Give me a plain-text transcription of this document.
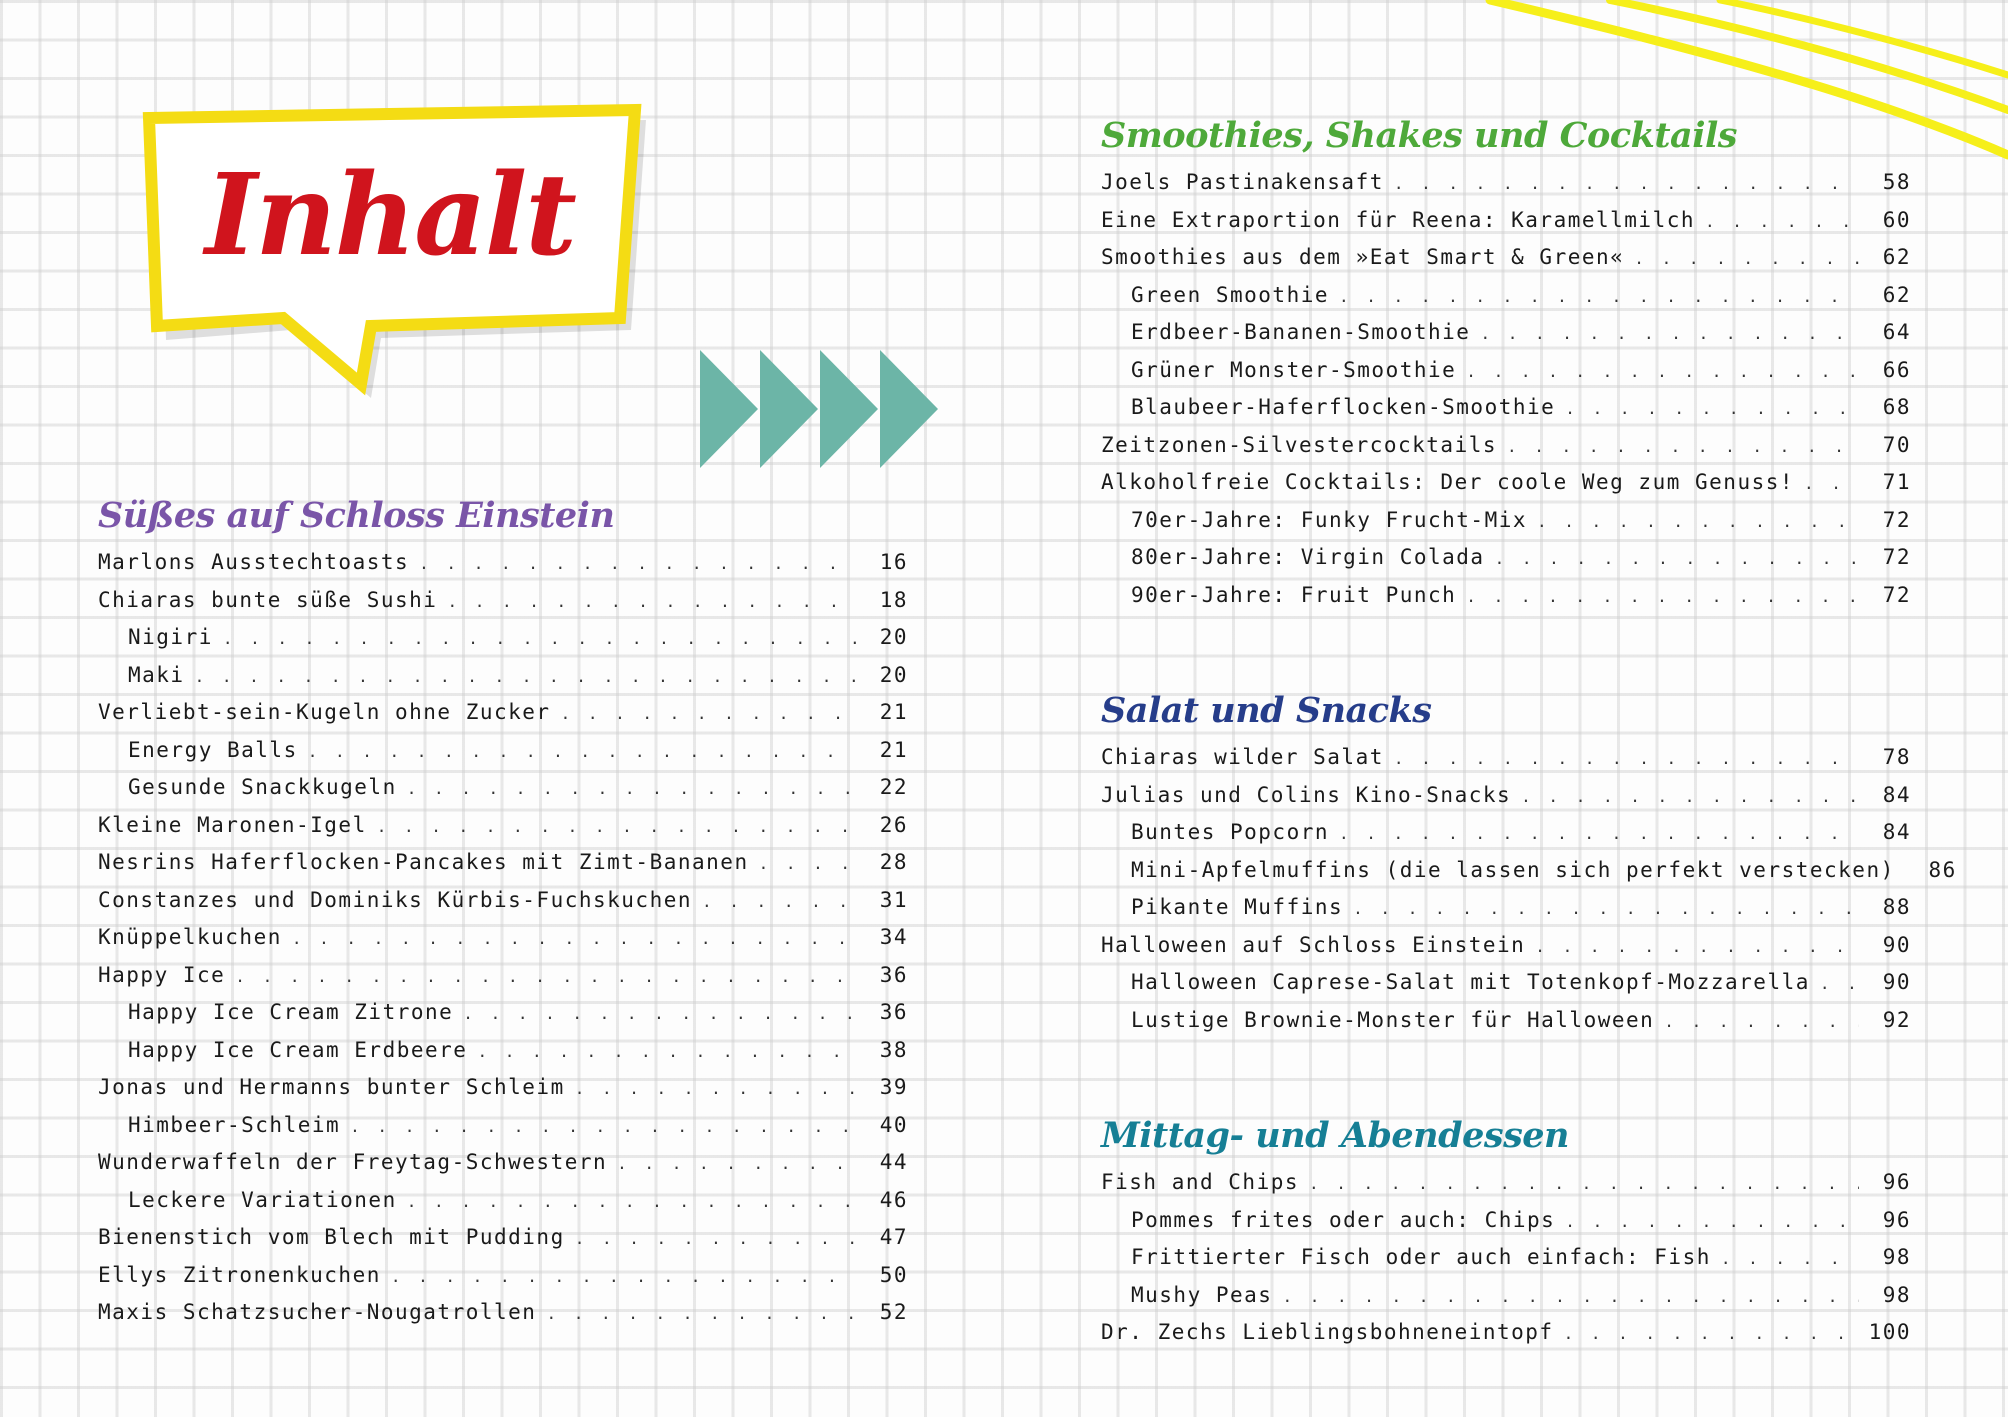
Inhalt
Süßes auf Schloss Einstein
Marlons Ausstechtoasts . . .	16
Chiaras bunte süße Sushi . . .	18
Nigiri . . .	20
Maki . . .	20
Verliebt-sein-Kugeln ohne Zucker . . .	21
Energy Balls . . .	21
Gesunde Snackkugeln . . .	22
Kleine Maronen-Igel . . .	26
Nesrins Haferflocken-Pancakes mit Zimt-Bananen . . .	28
Constanzes und Dominiks Kürbis-Fuchskuchen . . .	31
Knüppelkuchen . . .	34
Happy Ice . . .	36
Happy Ice Cream Zitrone . . .	36
Happy Ice Cream Erdbeere . . .	38
Jonas und Hermanns bunter Schleim . . .	39
Himbeer-Schleim . . .	40
Wunderwaffeln der Freytag-Schwestern . . .	44
Leckere Variationen . . .	46
Bienenstich vom Blech mit Pudding . . .	47
Ellys Zitronenkuchen . . .	50
Maxis Schatzsucher-Nougatrollen . . .	52
Smoothies, Shakes und Cocktails
Joels Pastinakensaft . . .	58
Eine Extraportion für Reena: Karamellmilch . . .	60
Smoothies aus dem »Eat Smart & Green« . . .	62
Green Smoothie . . .	62
Erdbeer-Bananen-Smoothie . . .	64
Grüner Monster-Smoothie . . .	66
Blaubeer-Haferflocken-Smoothie . . .	68
Zeitzonen-Silvestercocktails . . .	70
Alkoholfreie Cocktails: Der coole Weg zum Genuss! . . .	71
70er-Jahre: Funky Frucht-Mix . . .	72
80er-Jahre: Virgin Colada . . .	72
90er-Jahre: Fruit Punch . . .	72
Salat und Snacks
Chiaras wilder Salat . . .	78
Julias und Colins Kino-Snacks . . .	84
Buntes Popcorn . . .	84
Mini-Apfelmuffins (die lassen sich perfekt verstecken)	86
Pikante Muffins . . .	88
Halloween auf Schloss Einstein . . .	90
Halloween Caprese-Salat mit Totenkopf-Mozzarella . . .	90
Lustige Brownie-Monster für Halloween . . .	92
Mittag- und Abendessen
Fish and Chips . . .	96
Pommes frites oder auch: Chips . . .	96
Frittierter Fisch oder auch einfach: Fish . . .	98
Mushy Peas . . .	98
Dr. Zechs Lieblingsbohneneintopf . . .	100
